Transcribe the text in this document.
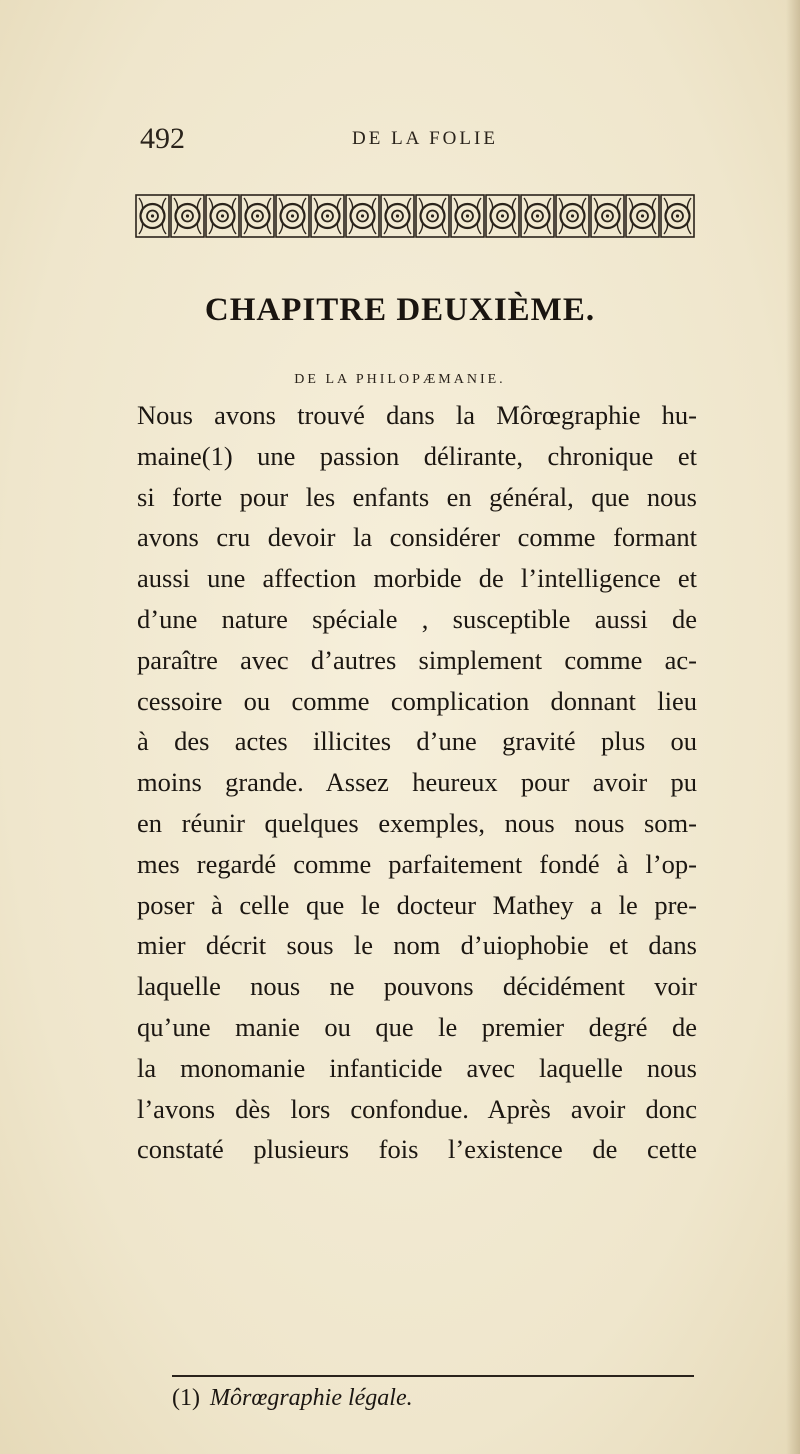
492	DE LA FOLIE
CHAPITRE DEUXIÈME.
DE LA PHILOPÆMANIE.
Nous avons trouvé dans la Môrœgraphie hu-
maine(1) une passion délirante, chronique et
si forte pour les enfants en général, que nous
avons cru devoir la considérer comme formant
aussi une affection morbide de l’intelligence et
d’une nature spéciale , susceptible aussi de
paraître avec d’autres simplement comme ac-
cessoire ou comme complication donnant lieu
à des actes illicites d’une gravité plus ou
moins grande. Assez heureux pour avoir pu
en réunir quelques exemples, nous nous som-
mes regardé comme parfaitement fondé à l’op-
poser à celle que le docteur Mathey a le pre-
mier décrit sous le nom d’uiophobie et dans
laquelle nous ne pouvons décidément voir
qu’une manie ou que le premier degré de
la monomanie infanticide avec laquelle nous
l’avons dès lors confondue. Après avoir donc
constaté plusieurs fois l’existence de cette
(1) Môrœgraphie légale.
